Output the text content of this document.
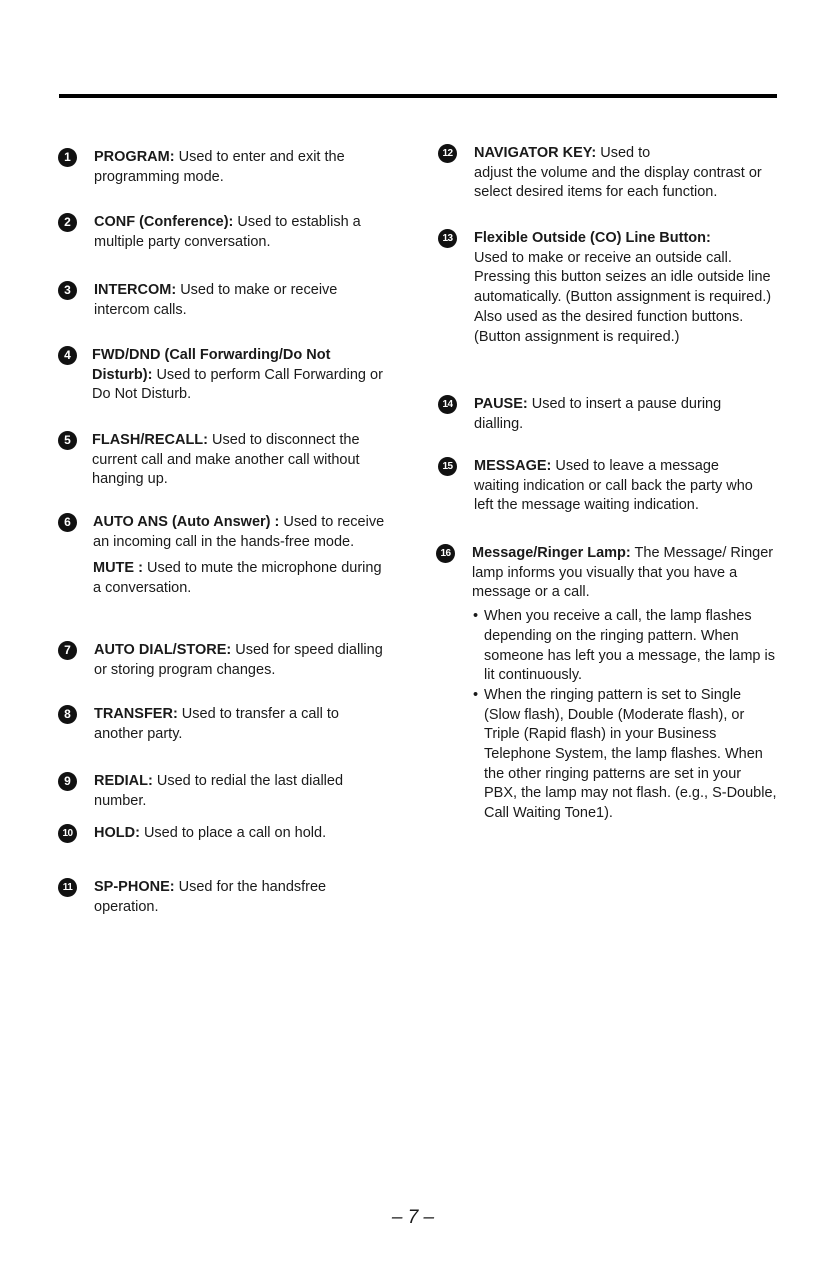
1	PROGRAM: Used to enter and exit the programming mode.
2	CONF (Conference): Used to establish a multiple party conversation.
3	INTERCOM: Used to make or receive intercom calls.
4	FWD/DND (Call Forwarding/Do Not Disturb): Used to perform Call Forwarding or Do Not Disturb.
5	FLASH/RECALL: Used to disconnect the current call and make another call without hanging up.
6	AUTO ANS (Auto Answer) : Used to receive an incoming call in the hands-free mode.
MUTE : Used to mute the microphone during a conversation.
7	AUTO DIAL/STORE: Used for speed dialling or storing program changes.
8	TRANSFER: Used to transfer a call to another party.
9	REDIAL: Used to redial the last dialled number.
10	HOLD: Used to place a call on hold.
11	SP-PHONE: Used for the handsfree operation.
12	NAVIGATOR KEY: Used to
adjust the volume and the display contrast or select desired items for each function.
13	Flexible Outside (CO) Line Button:
Used to make or receive an outside call. Pressing this button seizes an idle outside line automatically. (Button assignment is required.) Also used as the desired function buttons. (Button assignment is required.)
14	PAUSE: Used to insert a pause during dialling.
15	MESSAGE: Used to leave a message waiting indication or call back the party who left the message waiting indication.
16	Message/Ringer Lamp: The Message/ Ringer lamp informs you visually that you have a message or a call.
• When you receive a call, the lamp flashes depending on the ringing pattern. When someone has left you a message, the lamp is lit continuously.
• When the ringing pattern is set to Single (Slow flash), Double (Moderate flash), or Triple (Rapid flash) in your Business Telephone System, the lamp flashes. When the other ringing patterns are set in your PBX, the lamp may not flash. (e.g., S-Double, Call Waiting Tone1).
– 7 –
